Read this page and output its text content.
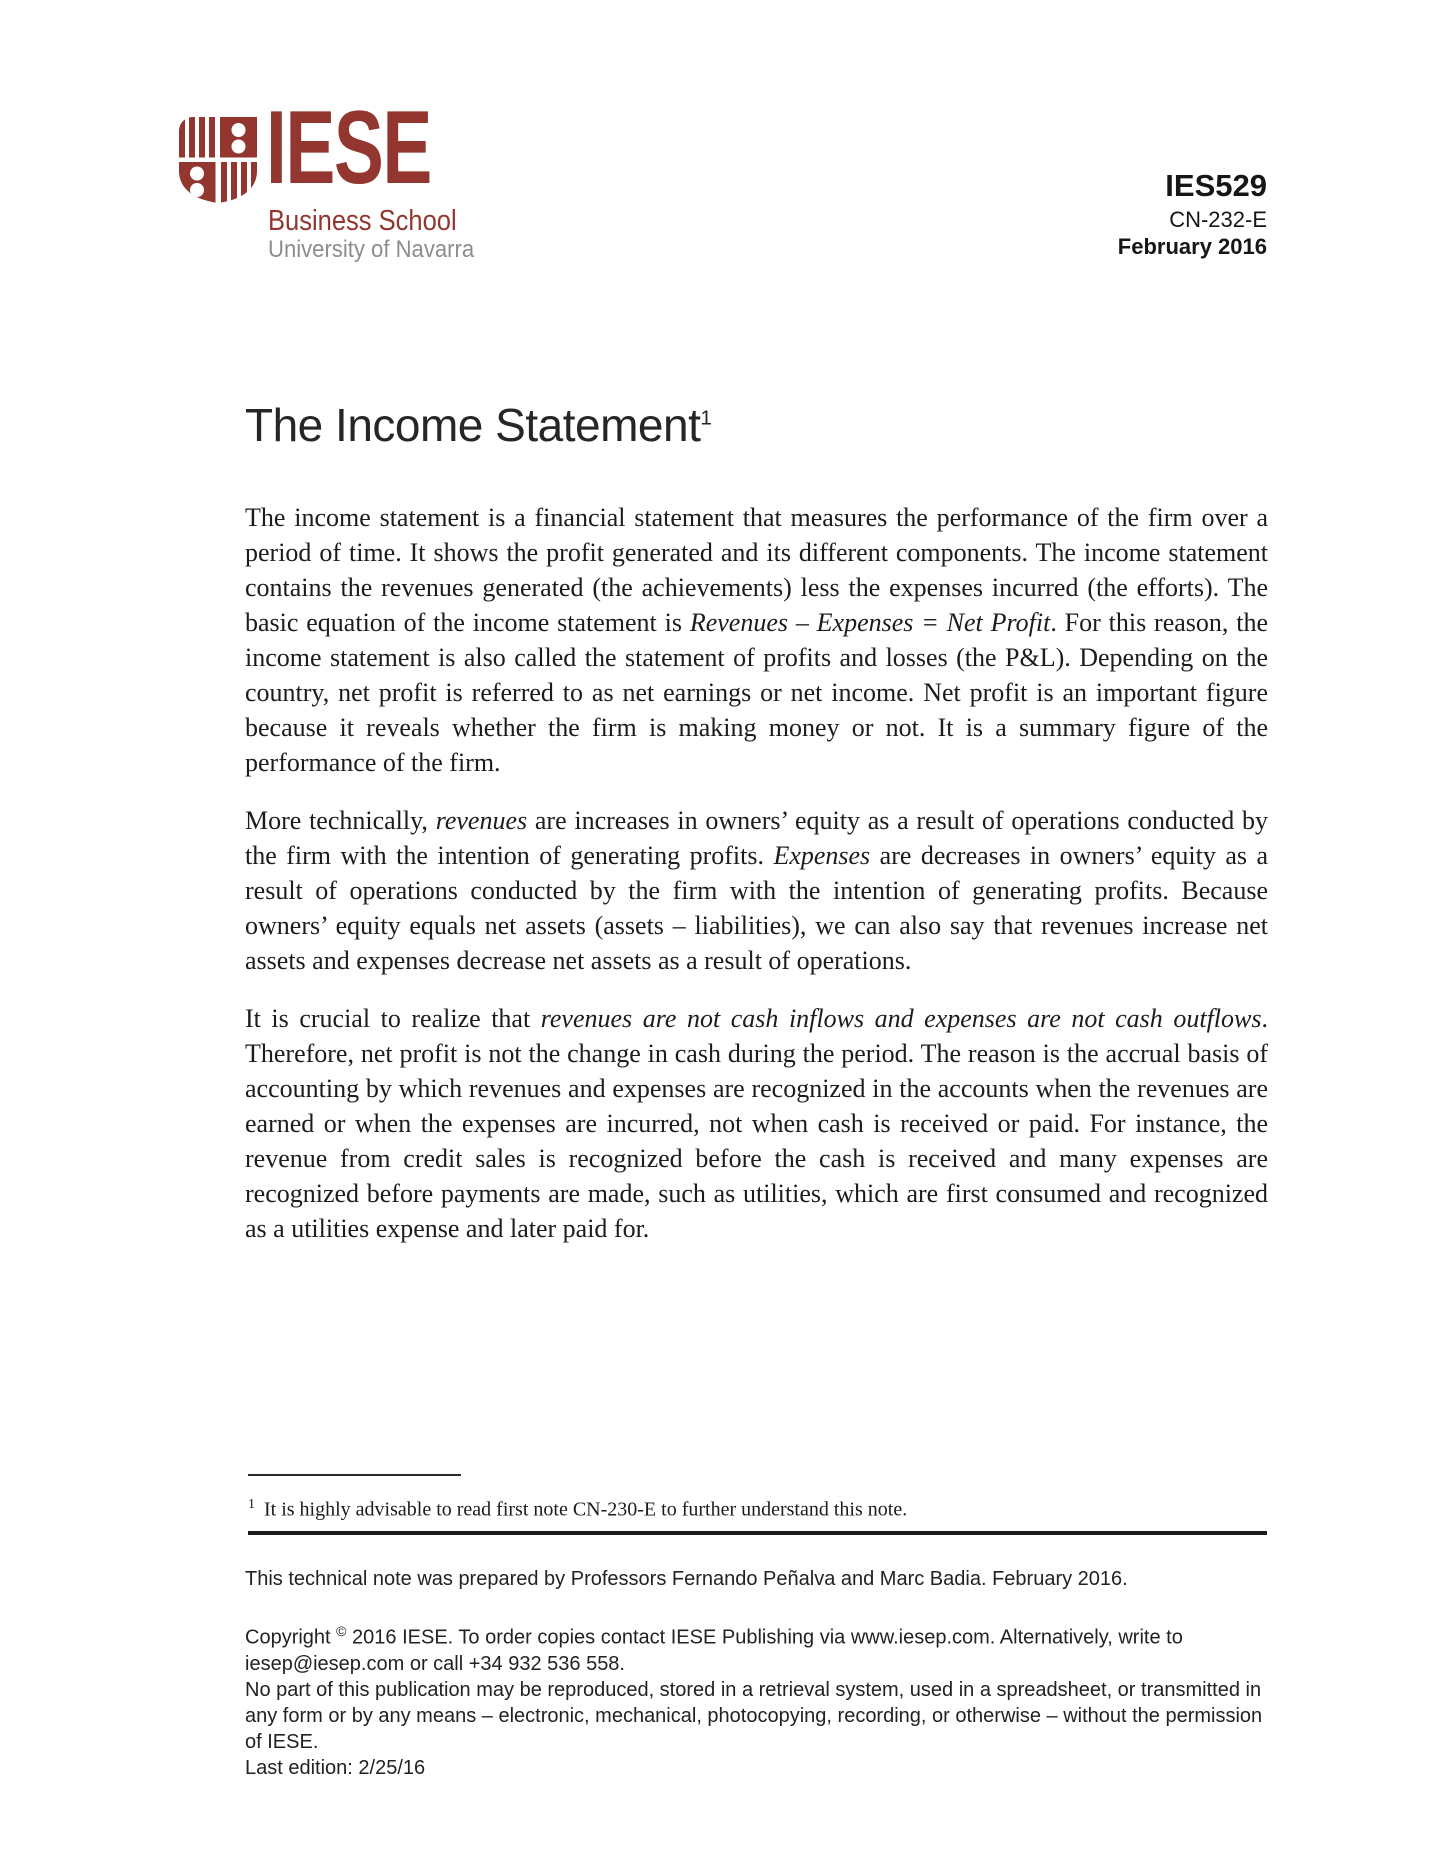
IESE
Business School
University of Navarra
IES529
CN-232-E
February 2016
The Income Statement$^1$

The income statement is a financial statement that measures the performance of the firm over a period of time. It shows the profit generated and its different components. The income statement contains the revenues generated (the achievements) less the expenses incurred (the efforts). The basic equation of the income statement is Revenues – Expenses = Net Profit. For this reason, the income statement is also called the statement of profits and losses (the P&L). Depending on the country, net profit is referred to as net earnings or net income. Net profit is an important figure because it reveals whether the firm is making money or not. It is a summary figure of the performance of the firm.

More technically, revenues are increases in owners’ equity as a result of operations conducted by the firm with the intention of generating profits. Expenses are decreases in owners’ equity as a result of operations conducted by the firm with the intention of generating profits. Because owners’ equity equals net assets (assets – liabilities), we can also say that revenues increase net assets and expenses decrease net assets as a result of operations.

It is crucial to realize that revenues are not cash inflows and expenses are not cash outflows. Therefore, net profit is not the change in cash during the period. The reason is the accrual basis of accounting by which revenues and expenses are recognized in the accounts when the revenues are earned or when the expenses are incurred, not when cash is received or paid. For instance, the revenue from credit sales is recognized before the cash is received and many expenses are recognized before payments are made, such as utilities, which are first consumed and recognized as a utilities expense and later paid for.

$^1$ It is highly advisable to read first note CN-230-E to further understand this note.

This technical note was prepared by Professors Fernando Peñalva and Marc Badia. February 2016.

Copyright © 2016 IESE. To order copies contact IESE Publishing via www.iesep.com. Alternatively, write to iesep@iesep.com or call +34 932 536 558.

No part of this publication may be reproduced, stored in a retrieval system, used in a spreadsheet, or transmitted in any form or by any means – electronic, mechanical, photocopying, recording, or otherwise – without the permission of IESE.

Last edition: 2/25/16
